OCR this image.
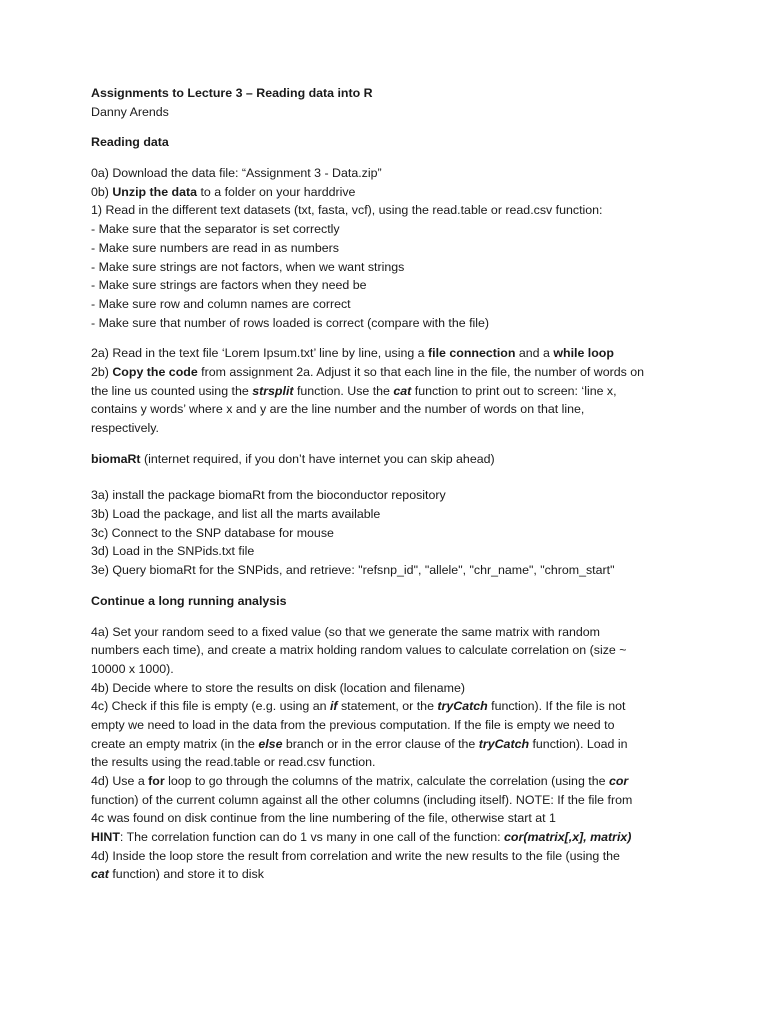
Assignments to Lecture 3 – Reading data into R
Danny Arends
Reading data
0a) Download the data file: “Assignment 3 - Data.zip”
0b) Unzip the data to a folder on your harddrive
1) Read in the different text datasets (txt, fasta, vcf), using the read.table or read.csv function:
- Make sure that the separator is set correctly
- Make sure numbers are read in as numbers
- Make sure strings are not factors, when we want strings
- Make sure strings are factors when they need be
- Make sure row and column names are correct
- Make sure that number of rows loaded is correct (compare with the file)
2a) Read in the text file ‘Lorem Ipsum.txt’ line by line, using a file connection and a while loop
2b) Copy the code from assignment 2a. Adjust it so that each line in the file, the number of words on
the line us counted using the strsplit function. Use the cat function to print out to screen: ‘line x,
contains y words’ where x and y are the line number and the number of words on that line,
respectively.
biomaRt (internet required, if you don’t have internet you can skip ahead)
3a) install the package biomaRt from the bioconductor repository
3b) Load the package, and list all the marts available
3c) Connect to the SNP database for mouse
3d) Load in the SNPids.txt file
3e) Query biomaRt for the SNPids, and retrieve: "refsnp_id", "allele", "chr_name", "chrom_start"
Continue a long running analysis
4a) Set your random seed to a fixed value (so that we generate the same matrix with random
numbers each time), and create a matrix holding random values to calculate correlation on (size ~
10000 x 1000).
4b) Decide where to store the results on disk (location and filename)
4c) Check if this file is empty (e.g. using an if statement, or the tryCatch function). If the file is not
empty we need to load in the data from the previous computation. If the file is empty we need to
create an empty matrix (in the else branch or in the error clause of the tryCatch function). Load in
the results using the read.table or read.csv function.
4d) Use a for loop to go through the columns of the matrix, calculate the correlation (using the cor
function) of the current column against all the other columns (including itself). NOTE: If the file from
4c was found on disk continue from the line numbering of the file, otherwise start at 1
HINT: The correlation function can do 1 vs many in one call of the function: cor(matrix[,x], matrix)
4d) Inside the loop store the result from correlation and write the new results to the file (using the
cat function) and store it to disk
